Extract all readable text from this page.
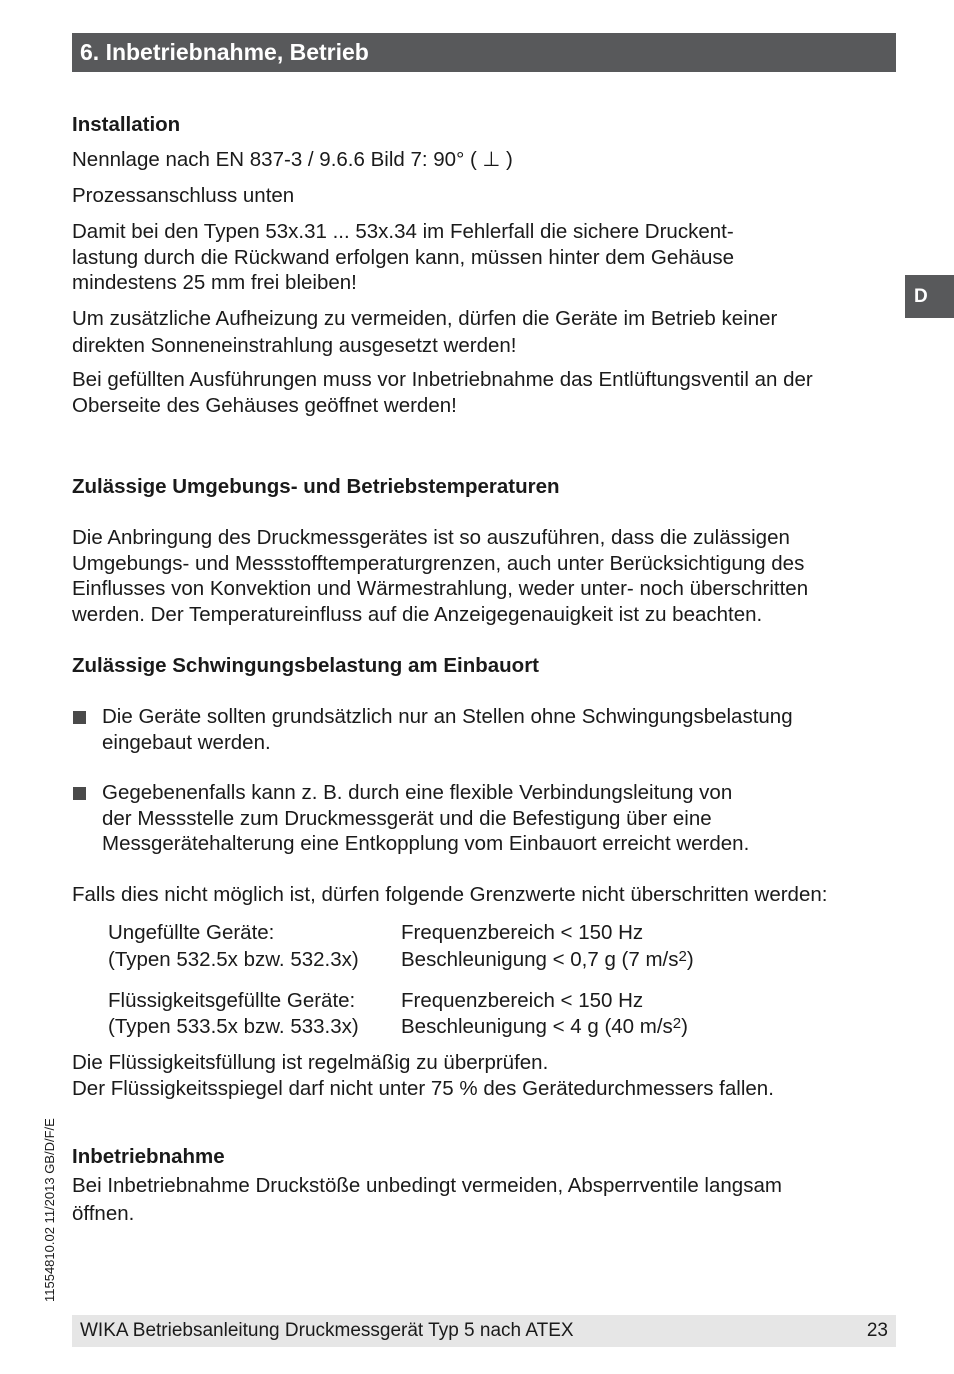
6. Inbetriebnahme, Betrieb
D
11554810.02 11/2013 GB/D/F/E
Installation
Nennlage nach EN 837-3 / 9.6.6 Bild 7: 90° ( ⊥ )
Prozessanschluss unten
Damit bei den Typen 53x.31 ... 53x.34 im Fehlerfall die sichere Druckent-
lastung durch die Rückwand erfolgen kann, müssen hinter dem Gehäuse
mindestens 25 mm frei bleiben!
Um zusätzliche Aufheizung zu vermeiden, dürfen die Geräte im Betrieb keiner
direkten Sonneneinstrahlung ausgesetzt werden!
Bei gefüllten Ausführungen muss vor Inbetriebnahme das Entlüftungsventil an der
Oberseite des Gehäuses geöffnet werden!
Zulässige Umgebungs- und Betriebstemperaturen
Die Anbringung des Druckmessgerätes ist so auszuführen, dass die zulässigen
Umgebungs- und Messstofftemperaturgrenzen, auch unter Berücksichtigung des
Einflusses von Konvektion und Wärmestrahlung, weder unter- noch überschritten
werden. Der Temperatureinfluss auf die Anzeigegenauigkeit ist zu beachten.
Zulässige Schwingungsbelastung am Einbauort
Die Geräte sollten grundsätzlich nur an Stellen ohne Schwingungsbelastung
eingebaut werden.
Gegebenenfalls kann z. B. durch eine flexible Verbindungsleitung von
der Messstelle zum Druckmessgerät und die Befestigung über eine
Messgerätehalterung eine Entkopplung vom Einbauort erreicht werden.
Falls dies nicht möglich ist, dürfen folgende Grenzwerte nicht überschritten werden:
Ungefüllte Geräte:	Frequenzbereich < 150 Hz
(Typen 532.5x bzw. 532.3x) Beschleunigung < 0,7 g (7 $m/s^2$)
Flüssigkeitsgefüllte Geräte: Frequenzbereich < 150 Hz
(Typen 533.5x bzw. 533.3x) Beschleunigung < 4 g (40 $m/s^2$)
Die Flüssigkeitsfüllung ist regelmäßig zu überprüfen.
Der Flüssigkeitsspiegel darf nicht unter 75 % des Gerätedurchmessers fallen.
Inbetriebnahme
Bei Inbetriebnahme Druckstöße unbedingt vermeiden, Absperrventile langsam
öffnen.
WIKA Betriebsanleitung Druckmessgerät Typ 5 nach ATEX	23
